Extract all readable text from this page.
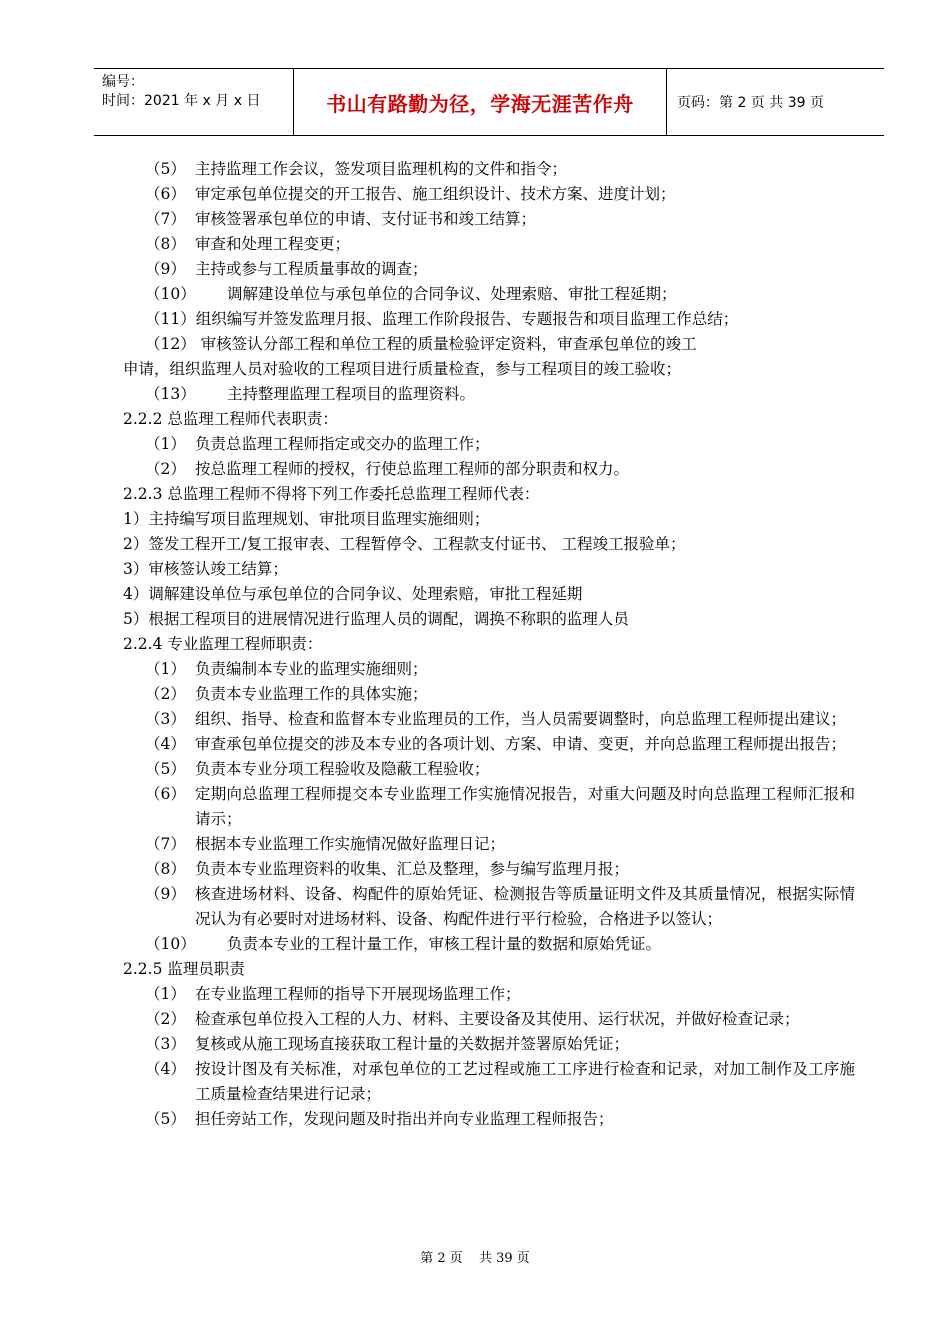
编号：
时间：2021 年 x 月 x 日	书山有路勤为径，学海无涯苦作舟	页码：第 2 页 共 39 页
（5） 主持监理工作会议，签发项目监理机构的文件和指令；
（6） 审定承包单位提交的开工报告、施工组织设计、技术方案、进度计划；
（7） 审核签署承包单位的申请、支付证书和竣工结算；
（8） 审查和处理工程变更；
（9） 主持或参与工程质量事故的调查；
（10）	调解建设单位与承包单位的合同争议、处理索赔、审批工程延期；
（11）组织编写并签发监理月报、监理工作阶段报告、专题报告和项目监理工作总结；
（12） 审核签认分部工程和单位工程的质量检验评定资料，审查承包单位的竣工
申请，组织监理人员对验收的工程项目进行质量检查，参与工程项目的竣工验收；
（13）	主持整理监理工程项目的监理资料。
2.2.2 总监理工程师代表职责：
（1） 负责总监理工程师指定或交办的监理工作；
（2） 按总监理工程师的授权，行使总监理工程师的部分职责和权力。
2.2.3 总监理工程师不得将下列工作委托总监理工程师代表：
1）主持编写项目监理规划、审批项目监理实施细则；
2）签发工程开工/复工报审表、工程暂停令、工程款支付证书、 工程竣工报验单；
3）审核签认竣工结算；
4）调解建设单位与承包单位的合同争议、处理索赔，审批工程延期
5）根据工程项目的进展情况进行监理人员的调配，调换不称职的监理人员
2.2.4 专业监理工程师职责：
（1） 负责编制本专业的监理实施细则；
（2） 负责本专业监理工作的具体实施；
（3） 组织、指导、检查和监督本专业监理员的工作，当人员需要调整时，向总监理工程师提出建议；
（4） 审查承包单位提交的涉及本专业的各项计划、方案、申请、变更，并向总监理工程师提出报告；
（5） 负责本专业分项工程验收及隐蔽工程验收；
（6） 定期向总监理工程师提交本专业监理工作实施情况报告，对重大问题及时向总监理工程师汇报和请示；
（7） 根据本专业监理工作实施情况做好监理日记；
（8） 负责本专业监理资料的收集、汇总及整理，参与编写监理月报；
（9） 核查进场材料、设备、构配件的原始凭证、检测报告等质量证明文件及其质量情况，根据实际情况认为有必要时对进场材料、设备、构配件进行平行检验，合格进予以签认；
（10）	负责本专业的工程计量工作，审核工程计量的数据和原始凭证。
2.2.5 监理员职责
（1） 在专业监理工程师的指导下开展现场监理工作；
（2） 检查承包单位投入工程的人力、材料、主要设备及其使用、运行状况，并做好检查记录；
（3） 复核或从施工现场直接获取工程计量的关数据并签署原始凭证；
（4） 按设计图及有关标准，对承包单位的工艺过程或施工工序进行检查和记录，对加工制作及工序施工质量检查结果进行记录；
（5） 担任旁站工作，发现问题及时指出并向专业监理工程师报告；
第 2 页 共 39 页
